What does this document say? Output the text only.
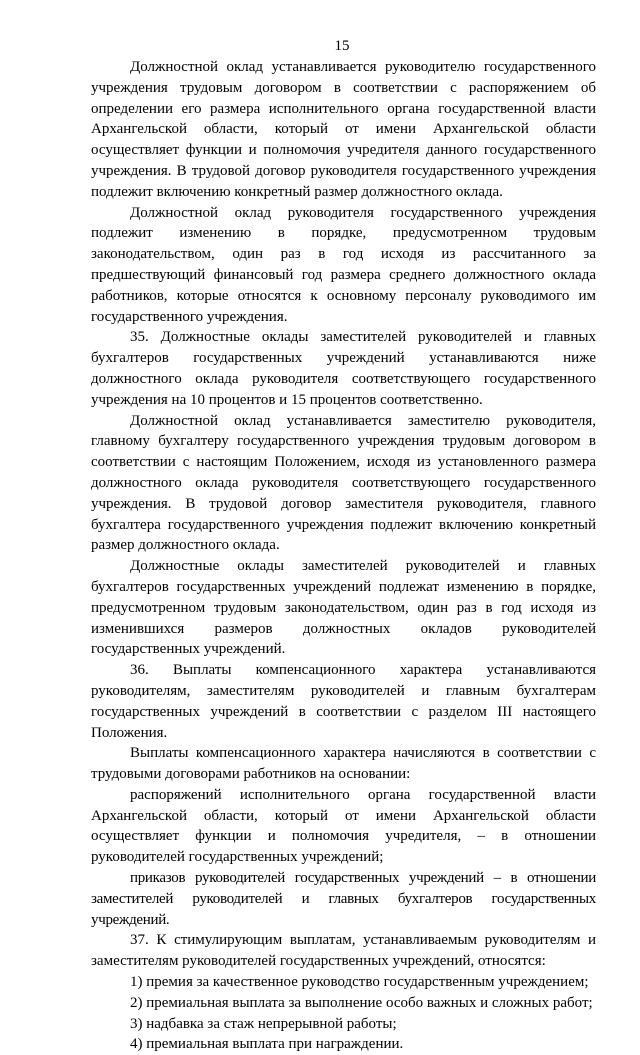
15

Должностной оклад устанавливается руководителю государственного учреждения трудовым договором в соответствии с распоряжением об определении его размера исполнительного органа государственной власти Архангельской области, который от имени Архангельской области осуществляет функции и полномочия учредителя данного государственного учреждения. В трудовой договор руководителя государственного учреждения подлежит включению конкретный размер должностного оклада.

Должностной оклад руководителя государственного учреждения подлежит изменению в порядке, предусмотренном трудовым законодательством, один раз в год исходя из рассчитанного за предшествующий финансовый год размера среднего должностного оклада работников, которые относятся к основному персоналу руководимого им государственного учреждения.

35. Должностные оклады заместителей руководителей и главных бухгалтеров государственных учреждений устанавливаются ниже должностного оклада руководителя соответствующего государственного учреждения на 10 процентов и 15 процентов соответственно.

Должностной оклад устанавливается заместителю руководителя, главному бухгалтеру государственного учреждения трудовым договором в соответствии с настоящим Положением, исходя из установленного размера должностного оклада руководителя соответствующего государственного учреждения. В трудовой договор заместителя руководителя, главного бухгалтера государственного учреждения подлежит включению конкретный размер должностного оклада.

Должностные оклады заместителей руководителей и главных бухгалтеров государственных учреждений подлежат изменению в порядке, предусмотренном трудовым законодательством, один раз в год исходя из изменившихся размеров должностных окладов руководителей государственных учреждений.

36. Выплаты компенсационного характера устанавливаются руководителям, заместителям руководителей и главным бухгалтерам государственных учреждений в соответствии с разделом III настоящего Положения.

Выплаты компенсационного характера начисляются в соответствии с трудовыми договорами работников на основании:

распоряжений исполнительного органа государственной власти Архангельской области, который от имени Архангельской области осуществляет функции и полномочия учредителя, – в отношении руководителей государственных учреждений;

приказов руководителей государственных учреждений – в отношении заместителей руководителей и главных бухгалтеров государственных учреждений.

37. К стимулирующим выплатам, устанавливаемым руководителям и заместителям руководителей государственных учреждений, относятся:

1) премия за качественное руководство государственным учреждением;

2) премиальная выплата за выполнение особо важных и сложных работ;

3) надбавка за стаж непрерывной работы;

4) премиальная выплата при награждении.
